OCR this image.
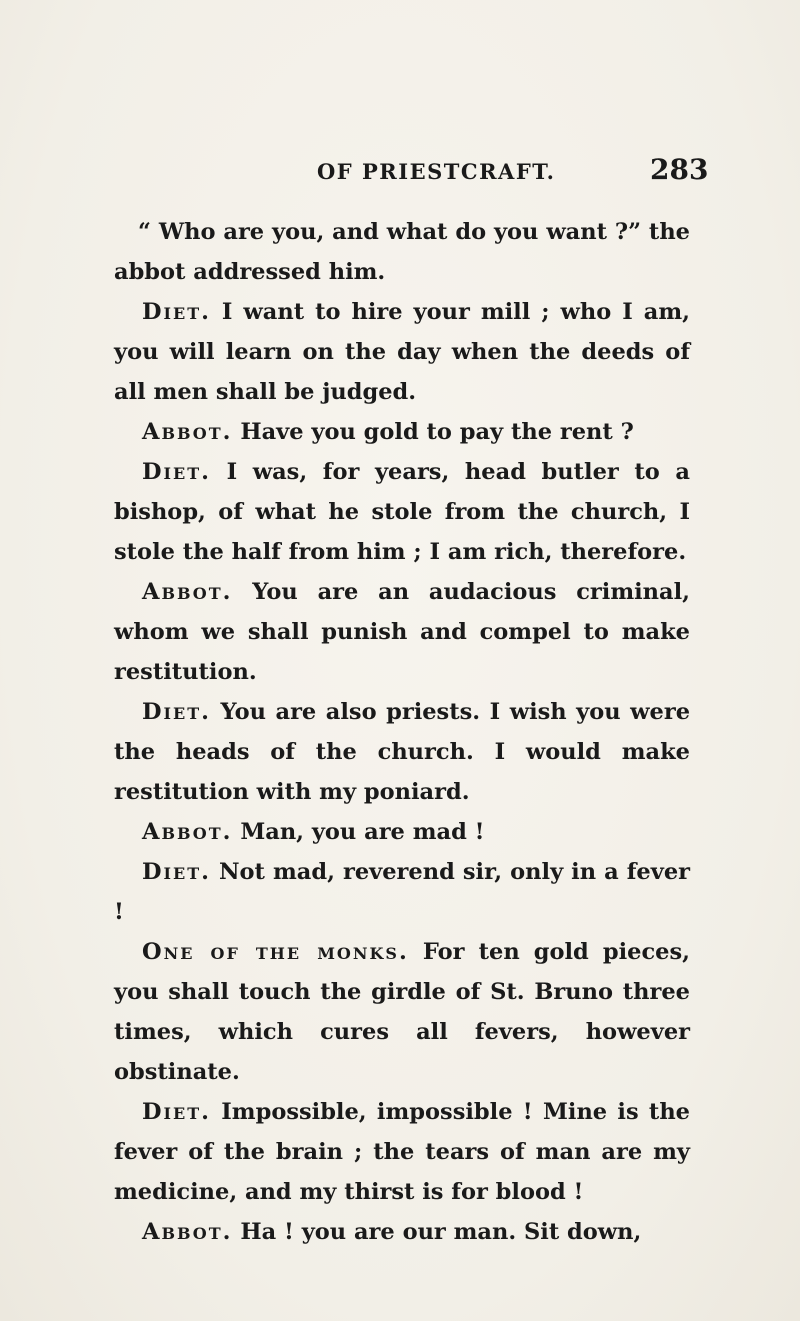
OF PRIESTCRAFT.	283

“ Who are you, and what do you want ?” the abbot addressed him.

Diet. I want to hire your mill ; who I am, you will learn on the day when the deeds of all men shall be judged.

Abbot. Have you gold to pay the rent ?

Diet. I was, for years, head butler to a bishop, of what he stole from the church, I stole the half from him ; I am rich, therefore.

Abbot. You are an audacious criminal, whom we shall punish and compel to make restitution.

Diet. You are also priests. I wish you were the heads of the church. I would make restitution with my poniard.

Abbot. Man, you are mad !

Diet. Not mad, reverend sir, only in a fever !

One of the monks. For ten gold pieces, you shall touch the girdle of St. Bruno three times, which cures all fevers, however obstinate.

Diet. Impossible, impossible ! Mine is the fever of the brain ; the tears of man are my medicine, and my thirst is for blood !

Abbot. Ha ! you are our man. Sit down,
